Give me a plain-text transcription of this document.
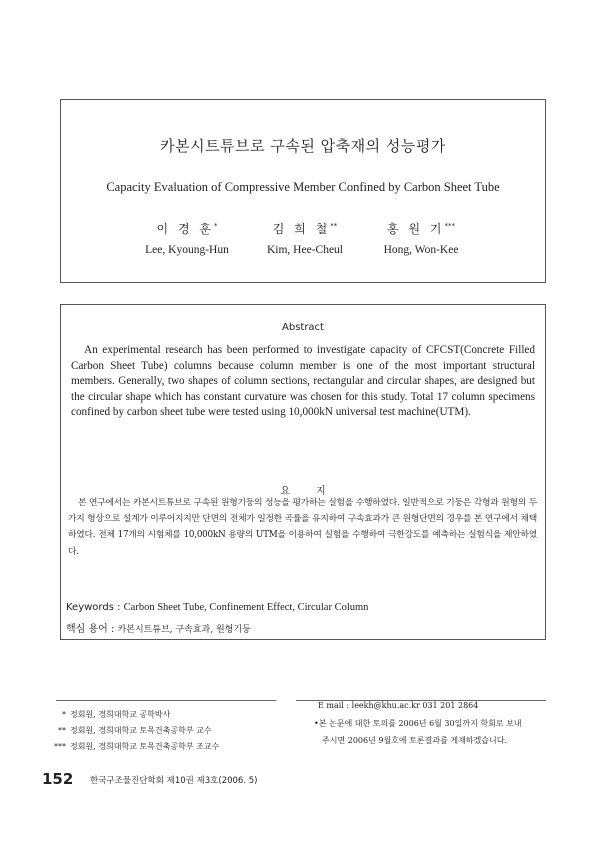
카본시트튜브로 구속된 압축재의 성능평가
Capacity Evaluation of Compressive Member Confined by Carbon Sheet Tube
이 경 훈*
Lee, Kyoung-Hun
김 희 철**
Kim, Hee-Cheul
홍 원 기***
Hong, Won-Kee
Abstract
An experimental research has been performed to investigate capacity of CFCST(Concrete Filled Carbon Sheet Tube) columns because column member is one of the most important structural members. Generally, two shapes of column sections, rectangular and circular shapes, are designed but the circular shape which has constant curvature was chosen for this study. Total 17 column specimens confined by carbon sheet tube were tested using 10,000kN universal test machine(UTM).
요지
본 연구에서는 카본시트튜브로 구속된 원형기둥의 성능을 평가하는 실험을 수행하였다. 일반적으로 기둥은 각형과 원형의 두 가지 형상으로 설계가 이루어지지만 단면의 전체가 일정한 곡률을 유지하여 구속효과가 큰 원형단면의 경우를 본 연구에서 채택하였다. 전체 17개의 시험체를 10,000kN 용량의 UTM을 이용하여 실험을 수행하여 극한강도를 예측하는 실험식을 제안하였다.
Keywords : Carbon Sheet Tube, Confinement Effect, Circular Column
핵심 용어 : 카본시트튜브, 구속효과, 원형기둥
* 정회원, 경희대학교 공학박사
** 정회원, 경희대학교 토목건축공학부 교수
*** 정회원, 경희대학교 토목건축공학부 조교수
E mail : leekh@khu.ac.kr 031 201 2864
•본 논문에 대한 토의를 2006년 6월 30일까지 학회로 보내
주시면 2006년 9월호에 토론결과를 게재하겠습니다.
152 한국구조물진단학회 제10권 제3호(2006. 5)
